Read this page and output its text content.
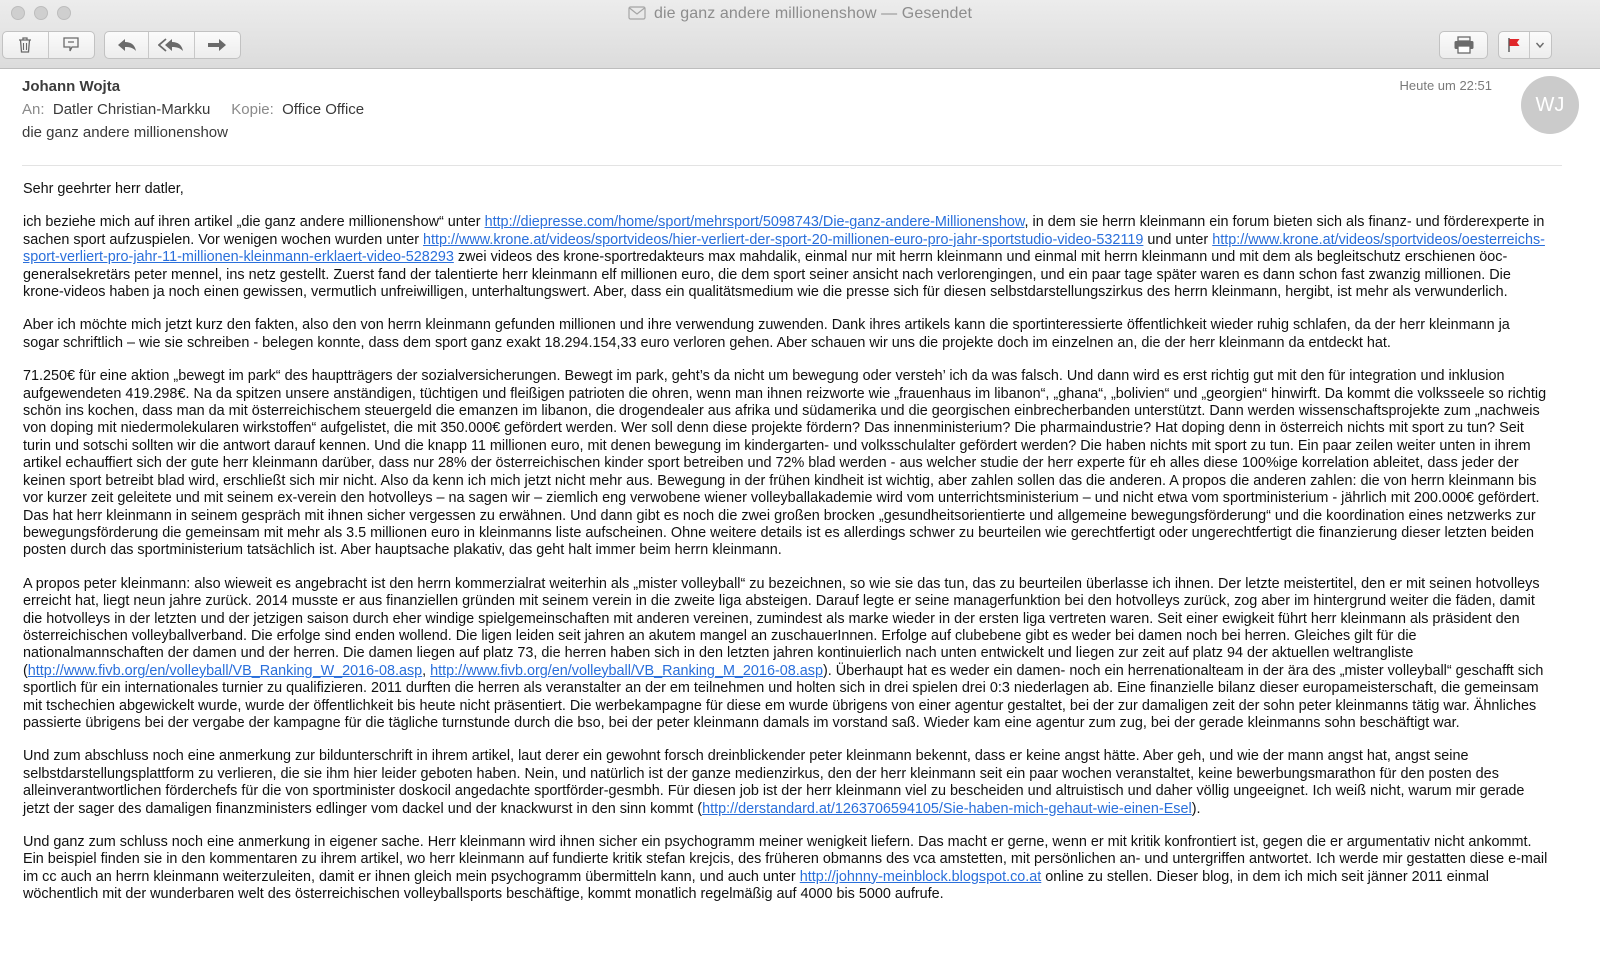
die ganz andere millionenshow — Gesendet
Johann Wojta
An: Datler Christian-Markku Kopie: Office Office
die ganz andere millionenshow
Heute um 22:51
WJ

Sehr geehrter herr datler,

ich beziehe mich auf ihren artikel „die ganz andere millionenshow“ unter http://diepresse.com/home/sport/mehrsport/5098743/Die-ganz-andere-Millionenshow, in dem sie herrn kleinmann ein forum bieten sich als finanz- und förderexperte in sachen sport aufzuspielen. Vor wenigen wochen wurden unter http://www.krone.at/videos/sportvideos/hier-verliert-der-sport-20-millionen-euro-pro-jahr-sportstudio-video-532119 und unter http://www.krone.at/videos/sportvideos/oesterreichs-sport-verliert-pro-jahr-11-millionen-kleinmann-erklaert-video-528293 zwei videos des krone-sportredakteurs max mahdalik, einmal nur mit herrn kleinmann und einmal mit herrn kleinmann und mit dem als begleitschutz erschienen öoc-generalsekretärs peter mennel, ins netz gestellt. Zuerst fand der talentierte herr kleinmann elf millionen euro, die dem sport seiner ansicht nach verlorengingen, und ein paar tage später waren es dann schon fast zwanzig millionen. Die krone-videos haben ja noch einen gewissen, vermutlich unfreiwilligen, unterhaltungswert. Aber, dass ein qualitätsmedium wie die presse sich für diesen selbstdarstellungszirkus des herrn kleinmann, hergibt, ist mehr als verwunderlich.

Aber ich möchte mich jetzt kurz den fakten, also den von herrn kleinmann gefunden millionen und ihre verwendung zuwenden. Dank ihres artikels kann die sportinteressierte öffentlichkeit wieder ruhig schlafen, da der herr kleinmann ja sogar schriftlich – wie sie schreiben - belegen konnte, dass dem sport ganz exakt 18.294.154,33 euro verloren gehen. Aber schauen wir uns die projekte doch im einzelnen an, die der herr kleinmann da entdeckt hat.

71.250€ für eine aktion „bewegt im park“ des hauptträgers der sozialversicherungen. Bewegt im park, geht’s da nicht um bewegung oder versteh’ ich da was falsch. Und dann wird es erst richtig gut mit den für integration und inklusion aufgewendeten 419.298€. Na da spitzen unsere anständigen, tüchtigen und fleißigen patrioten die ohren, wenn man ihnen reizworte wie „frauenhaus im libanon“, „ghana“, „bolivien“ und „georgien“ hinwirft. Da kommt die volksseele so richtig schön ins kochen, dass man da mit österreichischem steuergeld die emanzen im libanon, die drogendealer aus afrika und südamerika und die georgischen einbrecherbanden unterstützt. Dann werden wissenschaftsprojekte zum „nachweis von doping mit niedermolekularen wirkstoffen“ aufgelistet, die mit 350.000€ gefördert werden. Wer soll denn diese projekte fördern? Das innenministerium? Die pharmaindustrie? Hat doping denn in österreich nichts mit sport zu tun? Seit turin und sotschi sollten wir die antwort darauf kennen. Und die knapp 11 millionen euro, mit denen bewegung im kindergarten- und volksschulalter gefördert werden? Die haben nichts mit sport zu tun. Ein paar zeilen weiter unten in ihrem artikel echauffiert sich der gute herr kleinmann darüber, dass nur 28% der österreichischen kinder sport betreiben und 72% blad werden - aus welcher studie der herr experte für eh alles diese 100%ige korrelation ableitet, dass jeder der keinen sport betreibt blad wird, erschließt sich mir nicht. Also da kenn ich mich jetzt nicht mehr aus. Bewegung in der frühen kindheit ist wichtig, aber zahlen sollen das die anderen. A propos die anderen zahlen: die von herrn kleinmann bis vor kurzer zeit geleitete und mit seinem ex-verein den hotvolleys – na sagen wir – ziemlich eng verwobene wiener volleyballakademie wird vom unterrichtsministerium – und nicht etwa vom sportministerium - jährlich mit 200.000€ gefördert. Das hat herr kleinmann in seinem gespräch mit ihnen sicher vergessen zu erwähnen. Und dann gibt es noch die zwei großen brocken „gesundheitsorientierte und allgemeine bewegungsförderung“ und die koordination eines netzwerks zur bewegungsförderung die gemeinsam mit mehr als 3.5 millionen euro in kleinmanns liste aufscheinen. Ohne weitere details ist es allerdings schwer zu beurteilen wie gerechtfertigt oder ungerechtfertigt die finanzierung dieser letzten beiden posten durch das sportministerium tatsächlich ist. Aber hauptsache plakativ, das geht halt immer beim herrn kleinmann.

A propos peter kleinmann: also wieweit es angebracht ist den herrn kommerzialrat weiterhin als „mister volleyball“ zu bezeichnen, so wie sie das tun, das zu beurteilen überlasse ich ihnen. Der letzte meistertitel, den er mit seinen hotvolleys erreicht hat, liegt neun jahre zurück. 2014 musste er aus finanziellen gründen mit seinem verein in die zweite liga absteigen. Darauf legte er seine managerfunktion bei den hotvolleys zurück, zog aber im hintergrund weiter die fäden, damit die hotvolleys in der letzten und der jetzigen saison durch eher windige spielgemeinschaften mit anderen vereinen, zumindest als marke wieder in der ersten liga vertreten waren. Seit einer ewigkeit führt herr kleinmann als präsident den österreichischen volleyballverband. Die erfolge sind enden wollend. Die ligen leiden seit jahren an akutem mangel an zuschauerInnen. Erfolge auf clubebene gibt es weder bei damen noch bei herren. Gleiches gilt für die nationalmannschaften der damen und der herren. Die damen liegen auf platz 73, die herren haben sich in den letzten jahren kontinuierlich nach unten entwickelt und liegen zur zeit auf platz 94 der aktuellen weltrangliste (http://www.fivb.org/en/volleyball/VB_Ranking_W_2016-08.asp, http://www.fivb.org/en/volleyball/VB_Ranking_M_2016-08.asp). Überhaupt hat es weder ein damen- noch ein herrenationalteam in der ära des „mister volleyball“ geschafft sich sportlich für ein internationales turnier zu qualifizieren. 2011 durften die herren als veranstalter an der em teilnehmen und holten sich in drei spielen drei 0:3 niederlagen ab. Eine finanzielle bilanz dieser europameisterschaft, die gemeinsam mit tschechien abgewickelt wurde, wurde der öffentlichkeit bis heute nicht präsentiert. Die werbekampagne für diese em wurde übrigens von einer agentur gestaltet, bei der zur damaligen zeit der sohn peter kleinmanns tätig war. Ähnliches passierte übrigens bei der vergabe der kampagne für die tägliche turnstunde durch die bso, bei der peter kleinmann damals im vorstand saß. Wieder kam eine agentur zum zug, bei der gerade kleinmanns sohn beschäftigt war.

Und zum abschluss noch eine anmerkung zur bildunterschrift in ihrem artikel, laut derer ein gewohnt forsch dreinblickender peter kleinmann bekennt, dass er keine angst hätte. Aber geh, und wie der mann angst hat, angst seine selbstdarstellungsplattform zu verlieren, die sie ihm hier leider geboten haben. Nein, und natürlich ist der ganze medienzirkus, den der herr kleinmann seit ein paar wochen veranstaltet, keine bewerbungsmarathon für den posten des alleinverantwortlichen förderchefs für die von sportminister doskocil angedachte sportförder-gesmbh. Für diesen job ist der herr kleinmann viel zu bescheiden und altruistisch und daher völlig ungeeignet. Ich weiß nicht, warum mir gerade jetzt der sager des damaligen finanzministers edlinger vom dackel und der knackwurst in den sinn kommt (http://derstandard.at/1263706594105/Sie-haben-mich-gehaut-wie-einen-Esel).

Und ganz zum schluss noch eine anmerkung in eigener sache. Herr kleinmann wird ihnen sicher ein psychogramm meiner wenigkeit liefern. Das macht er gerne, wenn er mit kritik konfrontiert ist, gegen die er argumentativ nicht ankommt. Ein beispiel finden sie in den kommentaren zu ihrem artikel, wo herr kleinmann auf fundierte kritik stefan krejcis, des früheren obmanns des vca amstetten, mit persönlichen an- und untergriffen antwortet. Ich werde mir gestatten diese e-mail im cc auch an herrn kleinmann weiterzuleiten, damit er ihnen gleich mein psychogramm übermitteln kann, und auch unter http://johnny-meinblock.blogspot.co.at online zu stellen. Dieser blog, in dem ich mich seit jänner 2011 einmal wöchentlich mit der wunderbaren welt des österreichischen volleyballsports beschäftige, kommt monatlich regelmäßig auf 4000 bis 5000 aufrufe.
